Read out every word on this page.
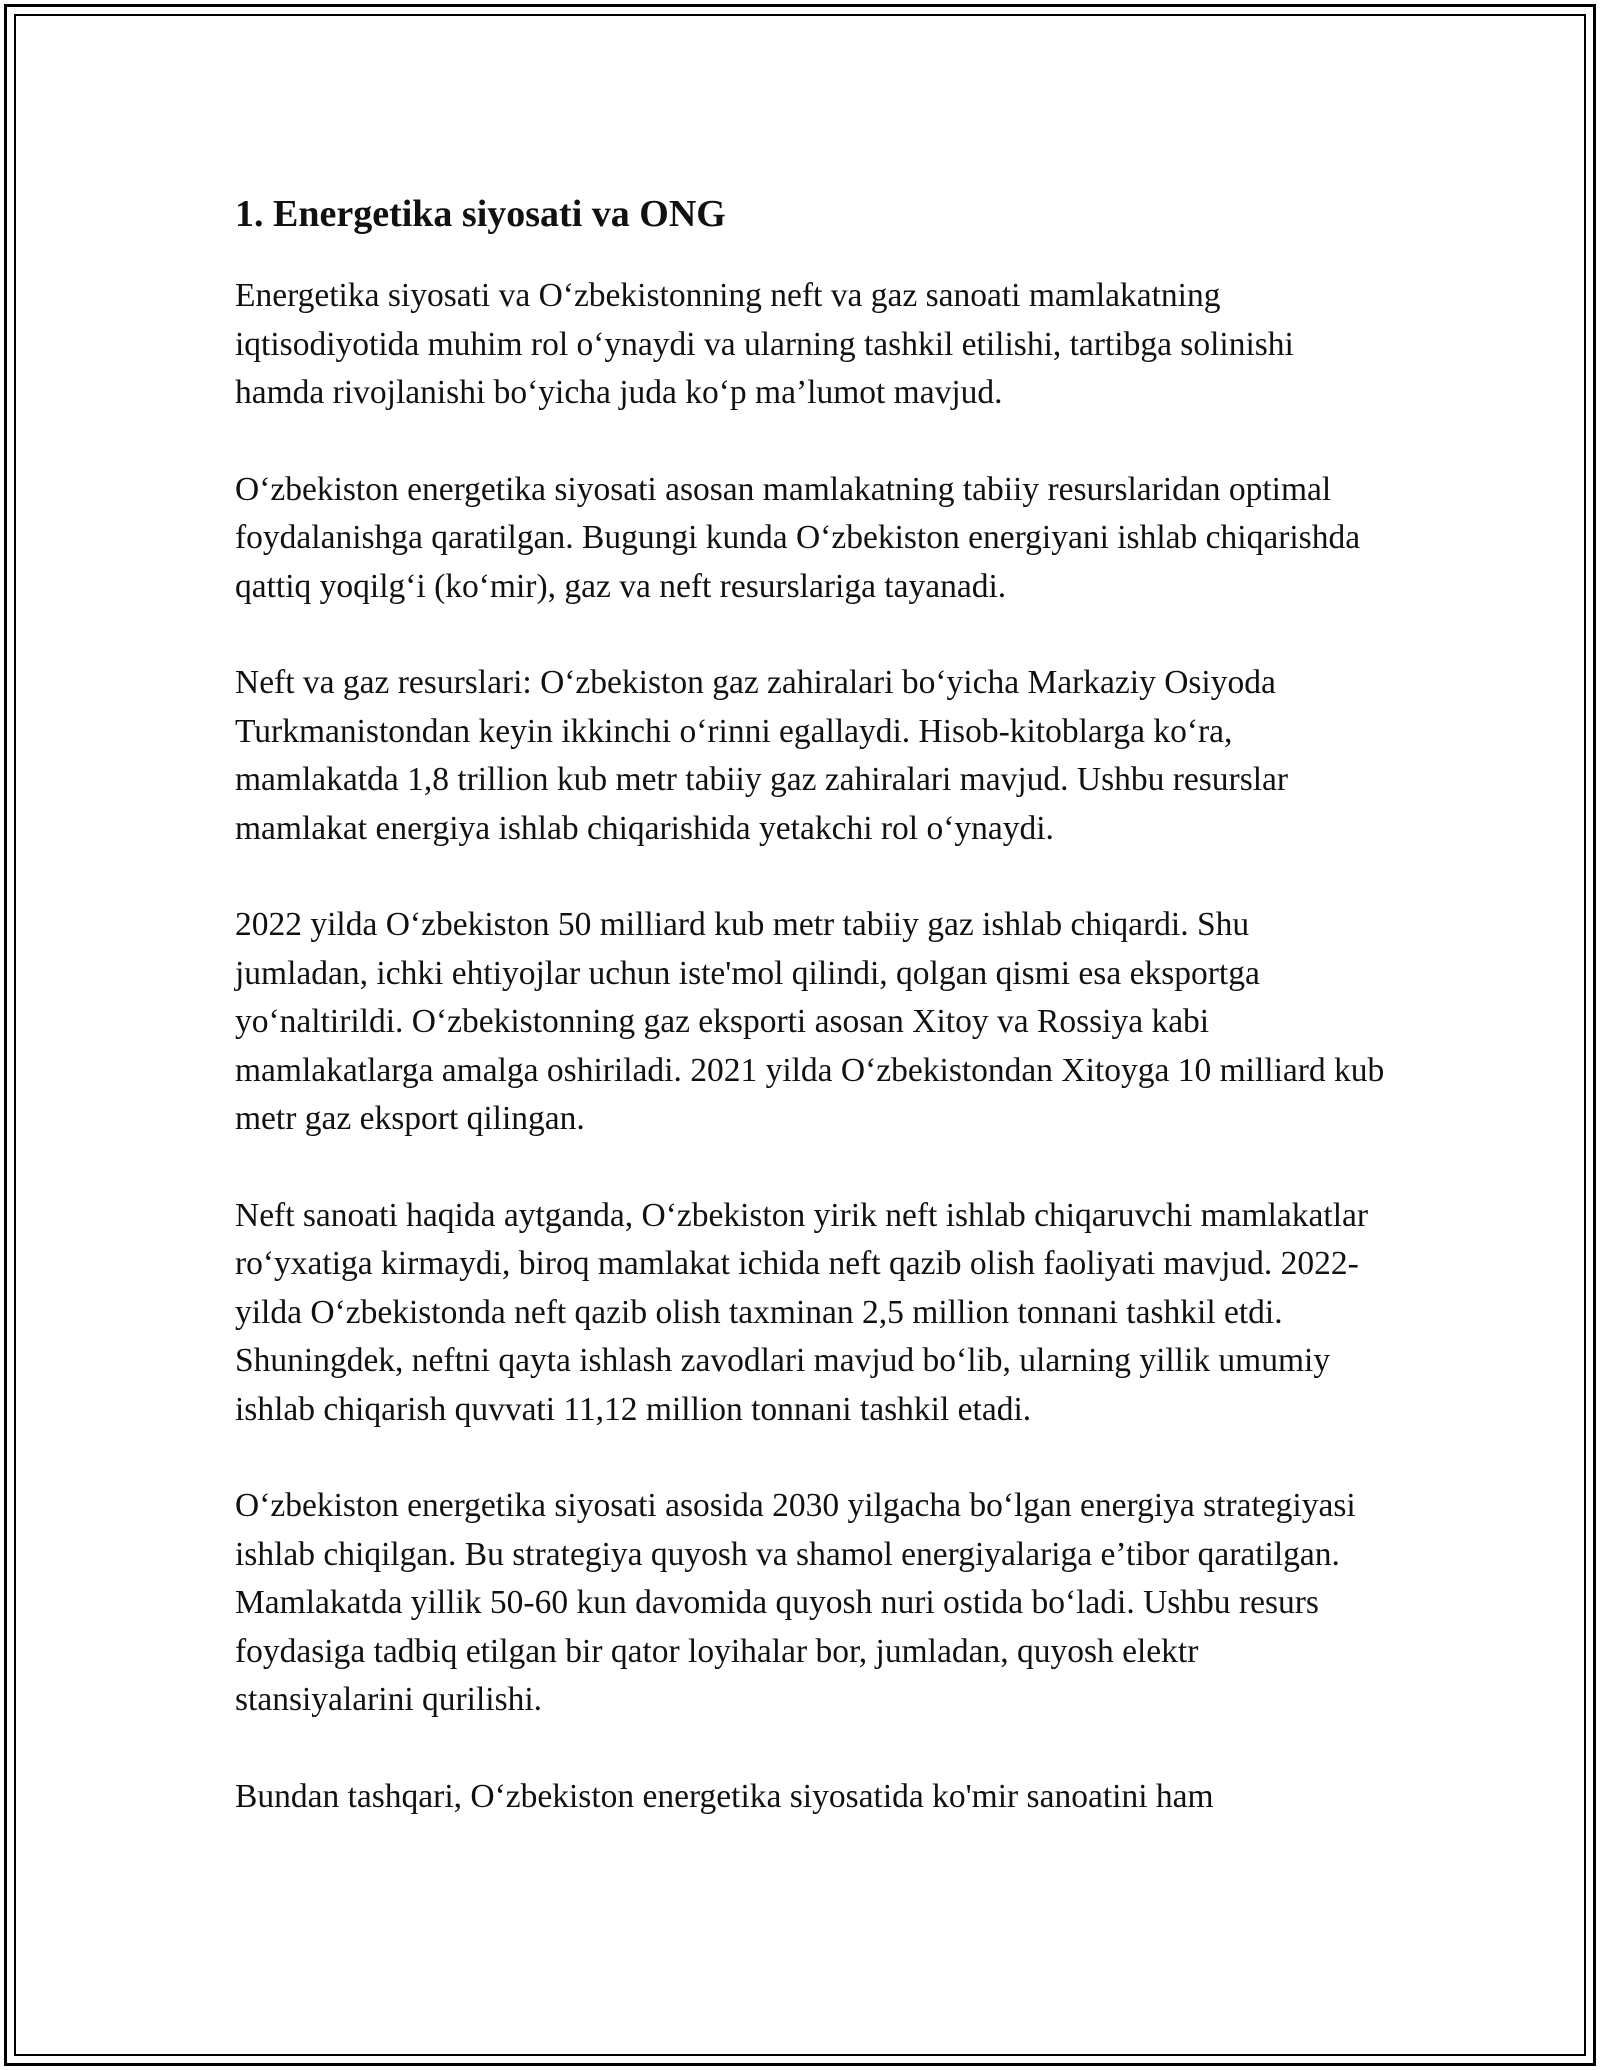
1. Energetika siyosati va ONG

Energetika siyosati va O‘zbekistonning neft va gaz sanoati mamlakatning iqtisodiyotida muhim rol o‘ynaydi va ularning tashkil etilishi, tartibga solinishi hamda rivojlanishi bo‘yicha juda ko‘p ma’lumot mavjud.

O‘zbekiston energetika siyosati asosan mamlakatning tabiiy resurslaridan optimal foydalanishga qaratilgan. Bugungi kunda O‘zbekiston energiyani ishlab chiqarishda qattiq yoqilg‘i (ko‘mir), gaz va neft resurslariga tayanadi.

Neft va gaz resurslari: O‘zbekiston gaz zahiralari bo‘yicha Markaziy Osiyoda Turkmanistondan keyin ikkinchi o‘rinni egallaydi. Hisob-kitoblarga ko‘ra, mamlakatda 1,8 trillion kub metr tabiiy gaz zahiralari mavjud. Ushbu resurslar mamlakat energiya ishlab chiqarishida yetakchi rol o‘ynaydi.

2022 yilda O‘zbekiston 50 milliard kub metr tabiiy gaz ishlab chiqardi. Shu jumladan, ichki ehtiyojlar uchun iste'mol qilindi, qolgan qismi esa eksportga yo‘naltirildi. O‘zbekistonning gaz eksporti asosan Xitoy va Rossiya kabi mamlakatlarga amalga oshiriladi. 2021 yilda O‘zbekistondan Xitoyga 10 milliard kub metr gaz eksport qilingan.

Neft sanoati haqida aytganda, O‘zbekiston yirik neft ishlab chiqaruvchi mamlakatlar ro‘yxatiga kirmaydi, biroq mamlakat ichida neft qazib olish faoliyati mavjud. 2022-yilda O‘zbekistonda neft qazib olish taxminan 2,5 million tonnani tashkil etdi. Shuningdek, neftni qayta ishlash zavodlari mavjud bo‘lib, ularning yillik umumiy ishlab chiqarish quvvati 11,12 million tonnani tashkil etadi.

O‘zbekiston energetika siyosati asosida 2030 yilgacha bo‘lgan energiya strategiyasi ishlab chiqilgan. Bu strategiya quyosh va shamol energiyalariga e’tibor qaratilgan. Mamlakatda yillik 50-60 kun davomida quyosh nuri ostida bo‘ladi. Ushbu resurs foydasiga tadbiq etilgan bir qator loyihalar bor, jumladan, quyosh elektr stansiyalarini qurilishi.

Bundan tashqari, O‘zbekiston energetika siyosatida ko'mir sanoatini ham
